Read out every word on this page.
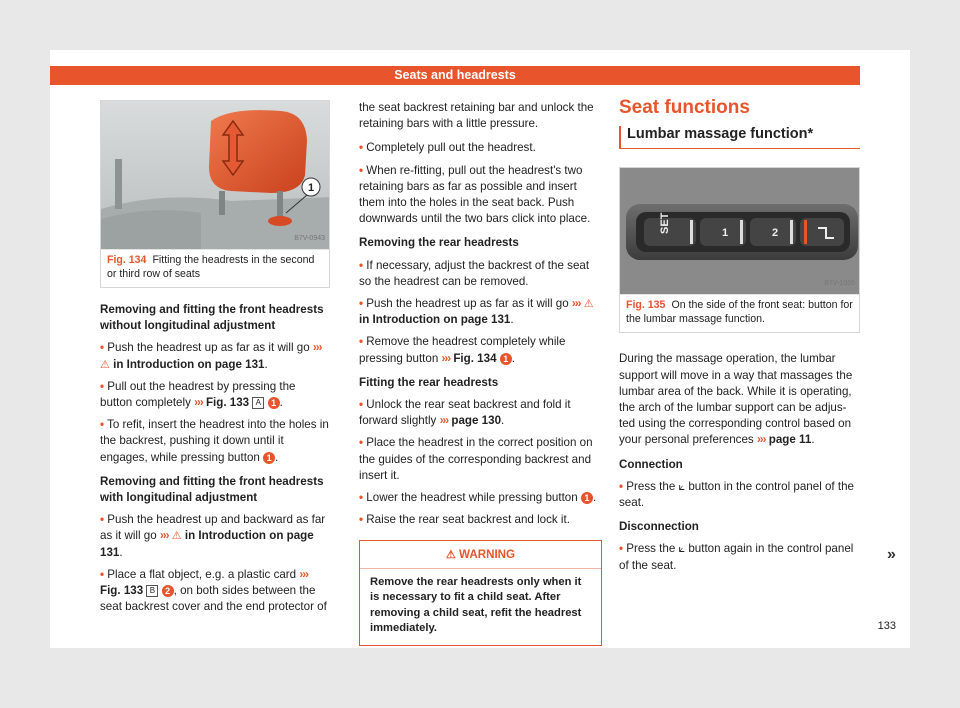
Seats and headrests
1
B7V-0943
Fig. 134 Fitting the headrests in the second or third row of seats
Removing and fitting the front headrests without longitudinal adjustment
• Push the headrest up as far as it will go ››› ⚠ in Introduction on page 131.
• Pull out the headrest by pressing the button completely ››› Fig. 133 A 1 .
• To refit, insert the headrest into the holes in the backrest, pushing it down until it engages, while pressing button 1 .
Removing and fitting the front headrests with longitudinal adjustment
• Push the headrest up and backward as far as it will go ››› ⚠ in Introduction on page 131.
• Place a flat object, e.g. a plastic card ››› Fig. 133 B 2 , on both sides between the seat backrest cover and the end protector of

the seat backrest retaining bar and unlock the retaining bars with a little pressure.

• Completely pull out the headrest.
• When re-fitting, pull out the headrest's two retaining bars as far as possible and insert them into the holes in the seat back. Push downwards until the two bars click into place.
Removing the rear headrests
• If necessary, adjust the backrest of the seat so the headrest can be removed.
• Push the headrest up as far as it will go ››› ⚠ in Introduction on page 131.
• Remove the headrest completely while pressing button ››› Fig. 134 1 .
Fitting the rear headrests
• Unlock the rear seat backrest and fold it forward slightly ››› page 130.
• Place the headrest in the correct position on the guides of the corresponding backrest and insert it.
• Lower the headrest while pressing button 1 .
• Raise the rear seat backrest and lock it.
⚠ WARNING
Remove the rear headrests only when it is necessary to fit a child seat. After removing a child seat, refit the headrest immediately.
Seat functions
Lumbar massage function*
SET	1	2
B7V-1055
Fig. 135 On the side of the front seat: button for the lumbar massage function.

During the massage operation, the lumbar support will move in a way that massages the lumbar area of the back. While it is operating, the arch of the lumbar support can be adjus-ted using the corresponding control based on your personal preferences ››› page 11.

Connection
• Press the ⟀ button in the control panel of the seat.
Disconnection
• Press the ⟀ button again in the control panel of the seat.
»
133
